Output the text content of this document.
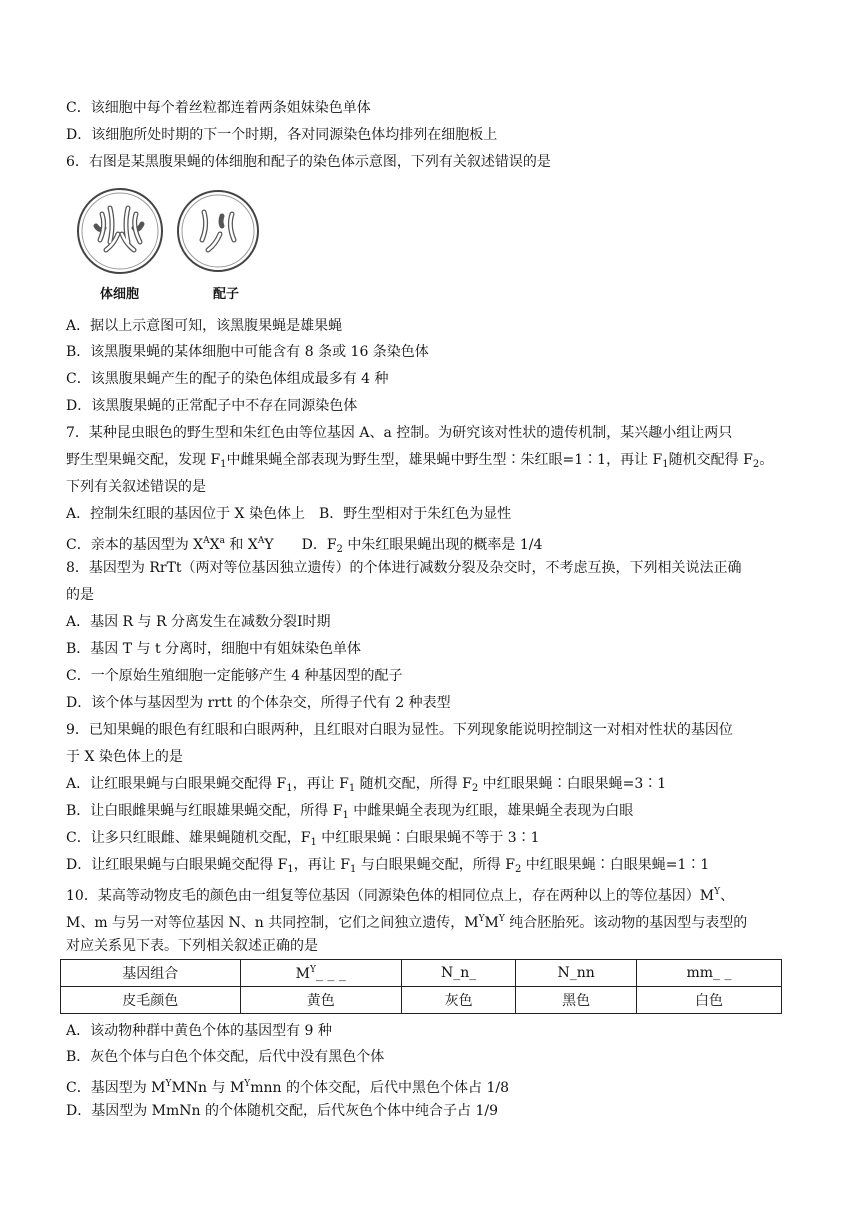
C．该细胞中每个着丝粒都连着两条姐妹染色单体
D．该细胞所处时期的下一个时期，各对同源染色体均排列在细胞板上
6．右图是某黑腹果蝇的体细胞和配子的染色体示意图，下列有关叙述错误的是
体细胞	配子
A．据以上示意图可知，该黑腹果蝇是雄果蝇
B．该黑腹果蝇的某体细胞中可能含有 8 条或 16 条染色体
C．该黑腹果蝇产生的配子的染色体组成最多有 4 种
D．该黑腹果蝇的正常配子中不存在同源染色体
7．某种昆虫眼色的野生型和朱红色由等位基因 A、a 控制。为研究该对性状的遗传机制，某兴趣小组让两只
野生型果蝇交配，发现 $F_1$中雌果蝇全部表现为野生型，雄果蝇中野生型∶朱红眼=1∶1，再让 $F_1$随机交配得 $F_2$。
下列有关叙述错误的是
A．控制朱红眼的基因位于 X 染色体上　B．野生型相对于朱红色为显性
C．亲本的基因型为 $X^AX^a$ 和 $X^AY$　　D．$F_2$ 中朱红眼果蝇出现的概率是 1/4
8．基因型为 RrTt（两对等位基因独立遗传）的个体进行减数分裂及杂交时，不考虑互换，下列相关说法正确
的是
A．基因 R 与 R 分离发生在减数分裂Ⅰ时期
B．基因 T 与 t 分离时，细胞中有姐妹染色单体
C．一个原始生殖细胞一定能够产生 4 种基因型的配子
D．该个体与基因型为 rrtt 的个体杂交，所得子代有 2 种表型
9．已知果蝇的眼色有红眼和白眼两种，且红眼对白眼为显性。下列现象能说明控制这一对相对性状的基因位
于 X 染色体上的是
A．让红眼果蝇与白眼果蝇交配得 $F_1$，再让 $F_1$ 随机交配，所得 $F_2$ 中红眼果蝇∶白眼果蝇=3∶1
B．让白眼雌果蝇与红眼雄果蝇交配，所得 $F_1$ 中雌果蝇全表现为红眼，雄果蝇全表现为白眼
C．让多只红眼雌、雄果蝇随机交配，$F_1$ 中红眼果蝇∶白眼果蝇不等于 3∶1
D．让红眼果蝇与白眼果蝇交配得 $F_1$，再让 $F_1$ 与白眼果蝇交配，所得 $F_2$ 中红眼果蝇∶白眼果蝇=1∶1
10．某高等动物皮毛的颜色由一组复等位基因（同源染色体的相同位点上，存在两种以上的等位基因）$M^Y$、
M、m 与另一对等位基因 N、n 共同控制，它们之间独立遗传，$M^YM^Y$ 纯合胚胎死。该动物的基因型与表型的
对应关系见下表。下列相关叙述正确的是
基因组合	$M^Y\_$ _ _	N_n_	N_nn	mm_ _
皮毛颜色	黄色	灰色	黑色	白色
A．该动物种群中黄色个体的基因型有 9 种
B．灰色个体与白色个体交配，后代中没有黑色个体
C．基因型为 $M^YMNn$ 与 $M^Ymnn$ 的个体交配，后代中黑色个体占 1/8
D．基因型为 MmNn 的个体随机交配，后代灰色个体中纯合子占 1/9
